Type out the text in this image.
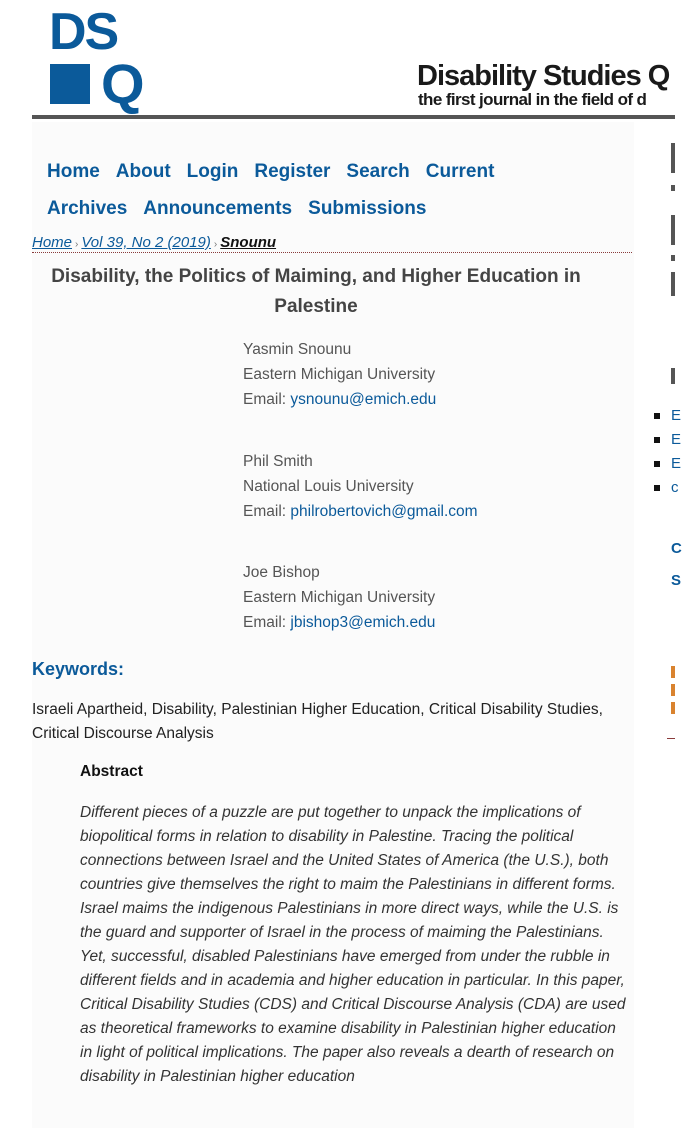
DS
Q	Disability Studies Q
the first journal in the field of d
Home About Login Register Search Current
Archives Announcements Submissions
Home › Vol 39, No 2 (2019) › Snounu
Disability, the Politics of Maiming, and Higher Education in Palestine
Yasmin Snounu
Eastern Michigan University
Email: ysnounu@emich.edu
Phil Smith
National Louis University
Email: philrobertovich@gmail.com
Joe Bishop
Eastern Michigan University
Email: jbishop3@emich.edu
Keywords:
Israeli Apartheid, Disability, Palestinian Higher Education, Critical Disability Studies, Critical Discourse Analysis
Abstract
Different pieces of a puzzle are put together to unpack the implications of biopolitical forms in relation to disability in Palestine. Tracing the political connections between Israel and the United States of America (the U.S.), both countries give themselves the right to maim the Palestinians in different forms. Israel maims the indigenous Palestinians in more direct ways, while the U.S. is the guard and supporter of Israel in the process of maiming the Palestinians. Yet, successful, disabled Palestinians have emerged from under the rubble in different fields and in academia and higher education in particular. In this paper, Critical Disability Studies (CDS) and Critical Discourse Analysis (CDA) are used as theoretical frameworks to examine disability in Palestinian higher education in light of political implications. The paper also reveals a dearth of research on disability in Palestinian higher education
E
E
E
c
C
S
